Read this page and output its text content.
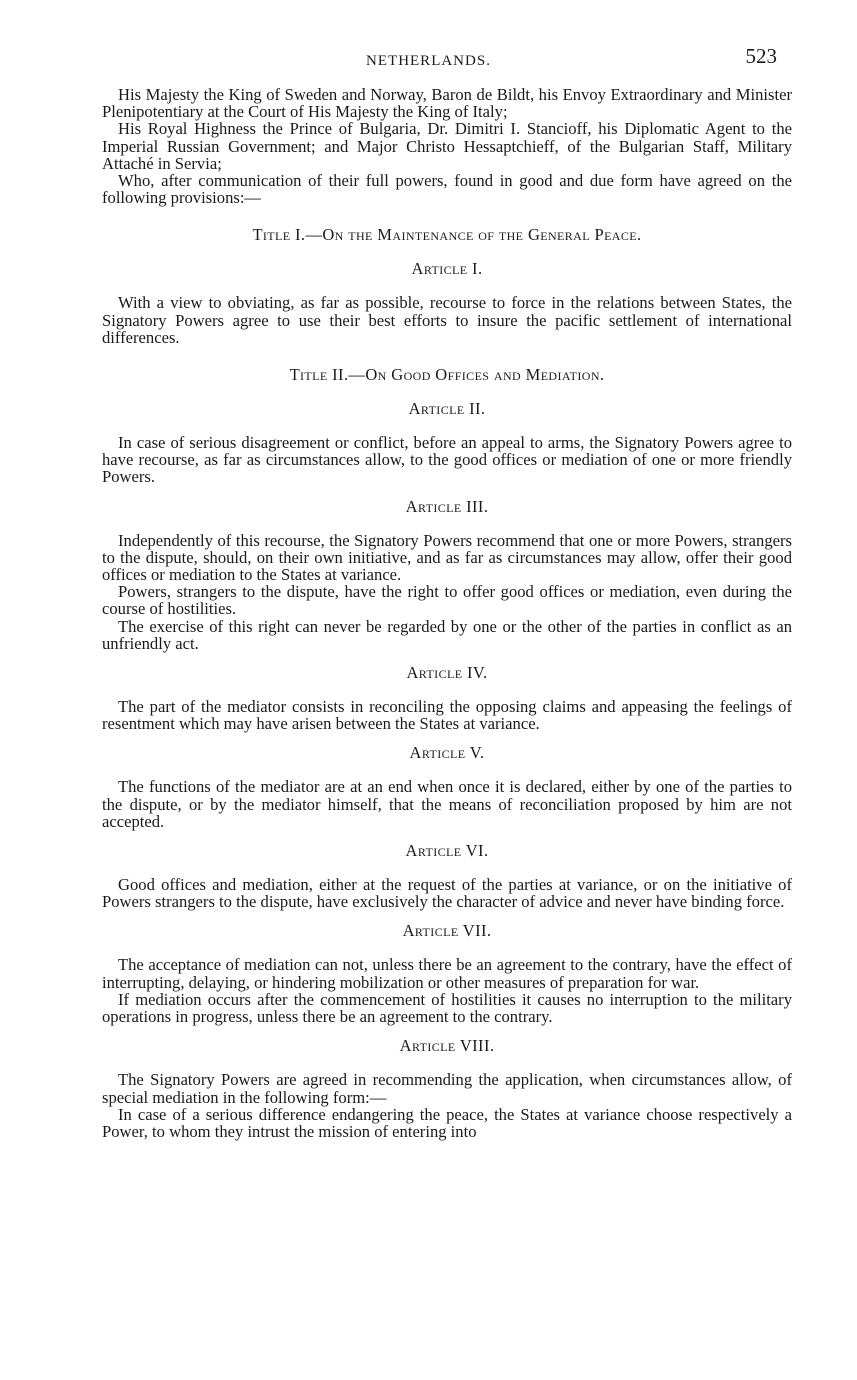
NETHERLANDS.	523

His Majesty the King of Sweden and Norway, Baron de Bildt, his Envoy Extraordinary and Minister Plenipotentiary at the Court of His Majesty the King of Italy;

His Royal Highness the Prince of Bulgaria, Dr. Dimitri I. Stancioff, his Diplomatic Agent to the Imperial Russian Government; and Major Christo Hessaptchieff, of the Bulgarian Staff, Military Attaché in Servia;

Who, after communication of their full powers, found in good and due form have agreed on the following provisions:—

Title I.—On the Maintenance of the General Peace.
Article I.

With a view to obviating, as far as possible, recourse to force in the relations between States, the Signatory Powers agree to use their best efforts to insure the pacific settlement of international differences.

Title II.—On Good Offices and Mediation.
Article II.

In case of serious disagreement or conflict, before an appeal to arms, the Signatory Powers agree to have recourse, as far as circumstances allow, to the good offices or mediation of one or more friendly Powers.

Article III.

Independently of this recourse, the Signatory Powers recommend that one or more Powers, strangers to the dispute, should, on their own initiative, and as far as circumstances may allow, offer their good offices or mediation to the States at variance.

Powers, strangers to the dispute, have the right to offer good offices or mediation, even during the course of hostilities.

The exercise of this right can never be regarded by one or the other of the parties in conflict as an unfriendly act.

Article IV.

The part of the mediator consists in reconciling the opposing claims and appeasing the feelings of resentment which may have arisen between the States at variance.

Article V.

The functions of the mediator are at an end when once it is declared, either by one of the parties to the dispute, or by the mediator himself, that the means of reconciliation proposed by him are not accepted.

Article VI.

Good offices and mediation, either at the request of the parties at variance, or on the initiative of Powers strangers to the dispute, have exclusively the character of advice and never have binding force.

Article VII.

The acceptance of mediation can not, unless there be an agreement to the contrary, have the effect of interrupting, delaying, or hindering mobilization or other measures of preparation for war.

If mediation occurs after the commencement of hostilities it causes no interruption to the military operations in progress, unless there be an agreement to the contrary.

Article VIII.

The Signatory Powers are agreed in recommending the application, when circumstances allow, of special mediation in the following form:—

In case of a serious difference endangering the peace, the States at variance choose respectively a Power, to whom they intrust the mission of entering into
